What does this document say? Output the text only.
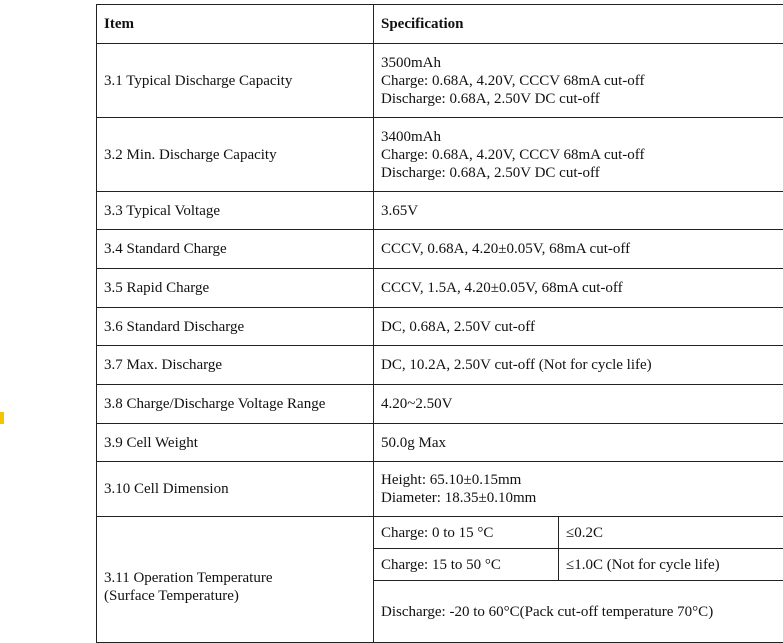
Item	Specification	
3.1 Typical Discharge Capacity	3500mAh
Charge: 0.68A, 4.20V, CCCV 68mA cut-off
Discharge: 0.68A, 2.50V DC cut-off	

3.2 Min. Discharge Capacity	3400mAh
Charge: 0.68A, 4.20V, CCCV 68mA cut-off
Discharge: 0.68A, 2.50V DC cut-off	

3.3 Typical Voltage	3.65V	
3.4 Standard Charge	CCCV, 0.68A, 4.20±0.05V, 68mA cut-off	
3.5 Rapid Charge	CCCV, 1.5A, 4.20±0.05V, 68mA cut-off	
3.6 Standard Discharge	DC, 0.68A, 2.50V cut-off	
3.7 Max. Discharge	DC, 10.2A, 2.50V cut-off (Not for cycle life)	
3.8 Charge/Discharge Voltage Range	4.20~2.50V	
3.9 Cell Weight	50.0g Max	
3.10 Cell Dimension	Height: 65.10±0.15mm
Diameter: 18.35±0.10mm	

3.11 Operation Temperature
(Surface Temperature)	Charge: 0 to 15 °C	≤0.2C
	Charge: 15 to 50 °C	≤1.0C (Not for cycle life)
	Discharge: -20 to 60°C(Pack cut-off temperature 70°C)	
